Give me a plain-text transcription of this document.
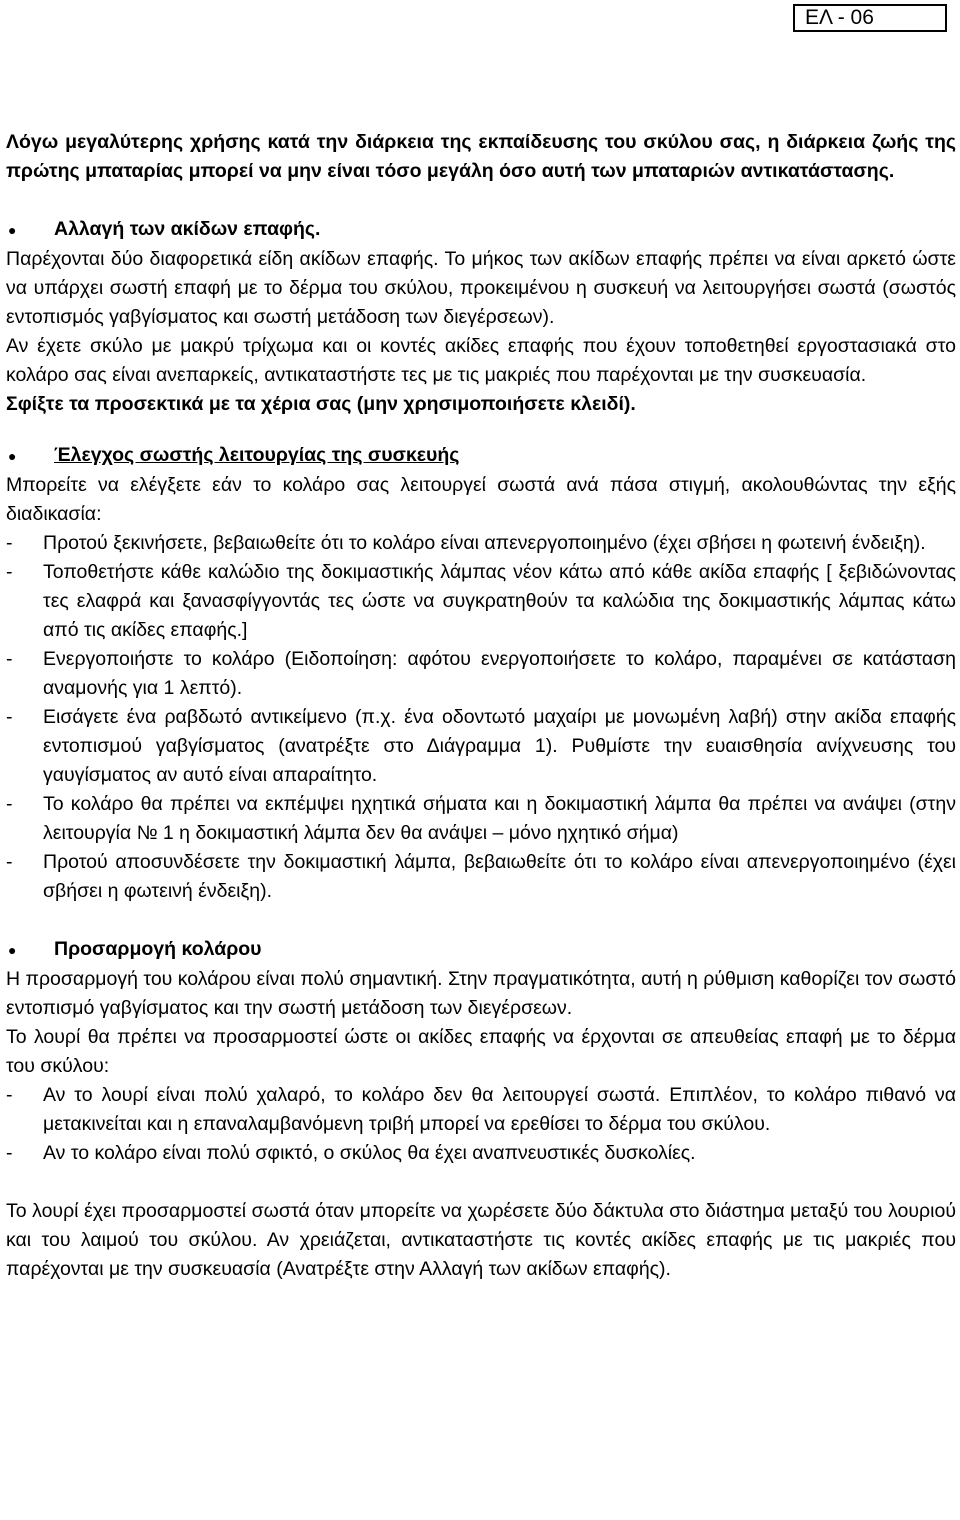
ΕΛ - 06

Λόγω μεγαλύτερης χρήσης κατά την διάρκεια της εκπαίδευσης του σκύλου σας, η διάρκεια ζωής της πρώτης μπαταρίας μπορεί να μην είναι τόσο μεγάλη όσο αυτή των μπαταριών αντικατάστασης.

●	Αλλαγή των ακίδων επαφής.

Παρέχονται δύο διαφορετικά είδη ακίδων επαφής. Το μήκος των ακίδων επαφής πρέπει να είναι αρκετό ώστε να υπάρχει σωστή επαφή με το δέρμα του σκύλου, προκειμένου η συσκευή να λειτουργήσει σωστά (σωστός εντοπισμός γαβγίσματος και σωστή μετάδοση των διεγέρσεων).

Αν έχετε σκύλο με μακρύ τρίχωμα και οι κοντές ακίδες επαφής που έχουν τοποθετηθεί εργοστασιακά στο κολάρο σας είναι ανεπαρκείς, αντικαταστήστε τες με τις μακριές που παρέχονται με την συσκευασία.

Σφίξτε τα προσεκτικά με τα χέρια σας (μην χρησιμοποιήσετε κλειδί).

●	Έλεγχος σωστής λειτουργίας της συσκευής

Μπορείτε να ελέγξετε εάν το κολάρο σας λειτουργεί σωστά ανά πάσα στιγμή, ακολουθώντας την εξής διαδικασία:

-	Προτού ξεκινήσετε, βεβαιωθείτε ότι το κολάρο είναι απενεργοποιημένο (έχει σβήσει η φωτεινή ένδειξη).
-	Τοποθετήστε κάθε καλώδιο της δοκιμαστικής λάμπας νέον κάτω από κάθε ακίδα επαφής [ ξεβιδώνοντας τες ελαφρά και ξανασφίγγοντάς τες ώστε να συγκρατηθούν τα καλώδια της δοκιμαστικής λάμπας κάτω από τις ακίδες επαφής.]
-	Ενεργοποιήστε το κολάρο (Ειδοποίηση: αφότου ενεργοποιήσετε το κολάρο, παραμένει σε κατάσταση αναμονής για 1 λεπτό).
-	Εισάγετε ένα ραβδωτό αντικείμενο (π.χ. ένα οδοντωτό μαχαίρι με μονωμένη λαβή) στην ακίδα επαφής εντοπισμού γαβγίσματος (ανατρέξτε στο Διάγραμμα 1). Ρυθμίστε την ευαισθησία ανίχνευσης του γαυγίσματος αν αυτό είναι απαραίτητο.
-	Το κολάρο θα πρέπει να εκπέμψει ηχητικά σήματα και η δοκιμαστική λάμπα θα πρέπει να ανάψει (στην λειτουργία № 1 η δοκιμαστική λάμπα δεν θα ανάψει – μόνο ηχητικό σήμα)
-	Προτού αποσυνδέσετε την δοκιμαστική λάμπα, βεβαιωθείτε ότι το κολάρο είναι απενεργοποιημένο (έχει σβήσει η φωτεινή ένδειξη).
●	Προσαρμογή κολάρου

Η προσαρμογή του κολάρου είναι πολύ σημαντική. Στην πραγματικότητα, αυτή η ρύθμιση καθορίζει τον σωστό εντοπισμό γαβγίσματος και την σωστή μετάδοση των διεγέρσεων.

Το λουρί θα πρέπει να προσαρμοστεί ώστε οι ακίδες επαφής να έρχονται σε απευθείας επαφή με το δέρμα του σκύλου:

-	Αν το λουρί είναι πολύ χαλαρό, το κολάρο δεν θα λειτουργεί σωστά. Επιπλέον, το κολάρο πιθανό να μετακινείται και η επαναλαμβανόμενη τριβή μπορεί να ερεθίσει το δέρμα του σκύλου.
-	Αν το κολάρο είναι πολύ σφικτό, ο σκύλος θα έχει αναπνευστικές δυσκολίες.

Το λουρί έχει προσαρμοστεί σωστά όταν μπορείτε να χωρέσετε δύο δάκτυλα στο διάστημα μεταξύ του λουριού και του λαιμού του σκύλου. Αν χρειάζεται, αντικαταστήστε τις κοντές ακίδες επαφής με τις μακριές που παρέχονται με την συσκευασία (Ανατρέξτε στην Αλλαγή των ακίδων επαφής).
